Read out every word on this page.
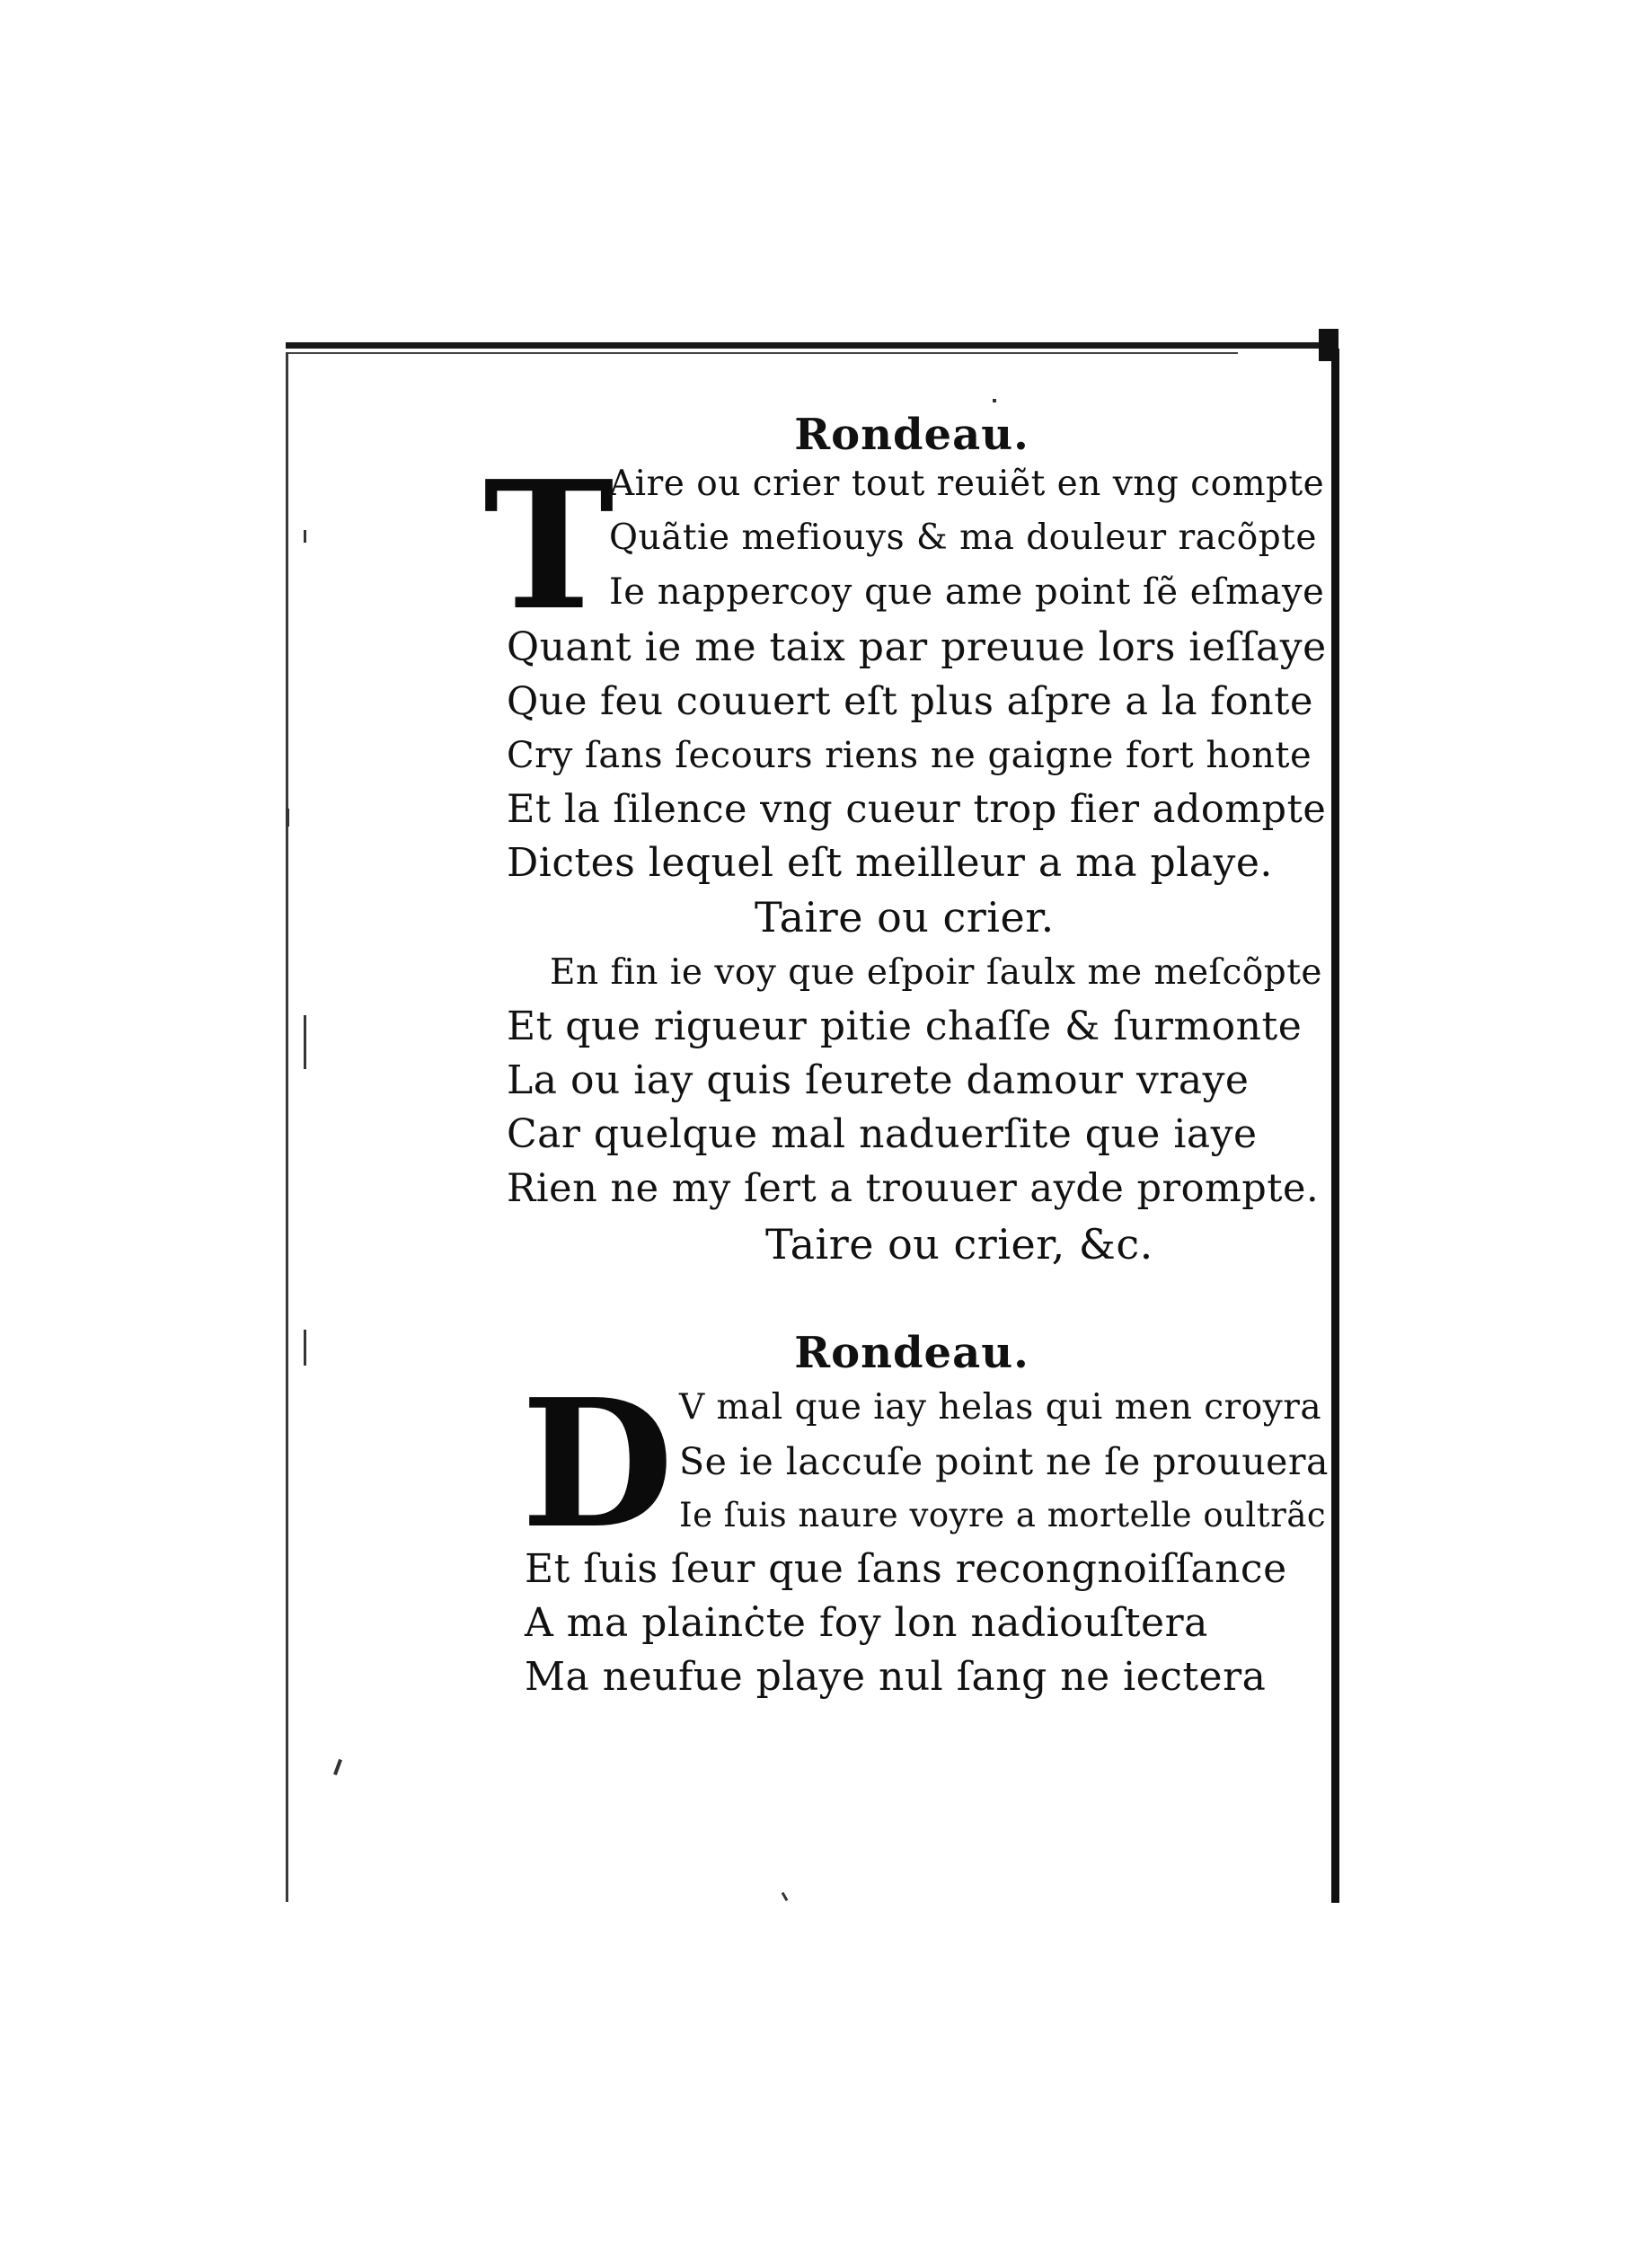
Rondeau.
T
Aire ou crier tout reuiẽt en vng compte
Quãtie mefiouys & ma douleur racõpte
Ie nappercoy que ame point ſẽ eſmaye
Quant ie me taix par preuue lors ieſſaye
Que feu couuert eſt plus aſpre a la fonte
Cry ſans ſecours riens ne gaigne fort honte
Et la ſilence vng cueur trop fier adompte
Dictes lequel eſt meilleur a ma playe.
Taire ou crier.
En fin ie voy que eſpoir ſaulx me meſcõpte
Et que rigueur pitie chaſſe & ſurmonte
La ou iay quis ſeurete damour vraye
Car quelque mal naduerſite que iaye
Rien ne my ſert a trouuer ayde prompte.
Taire ou crier, &c.
Rondeau.
D V mal que iay helas qui men croyra
Se ie laccuſe point ne ſe prouuera
Ie ſuis naure voyre a mortelle oultrãc
Et ſuis ſeur que ſans recongnoiſſance
A ma plainċte foy lon nadiouſtera
Ma neufue playe nul ſang ne iectera
